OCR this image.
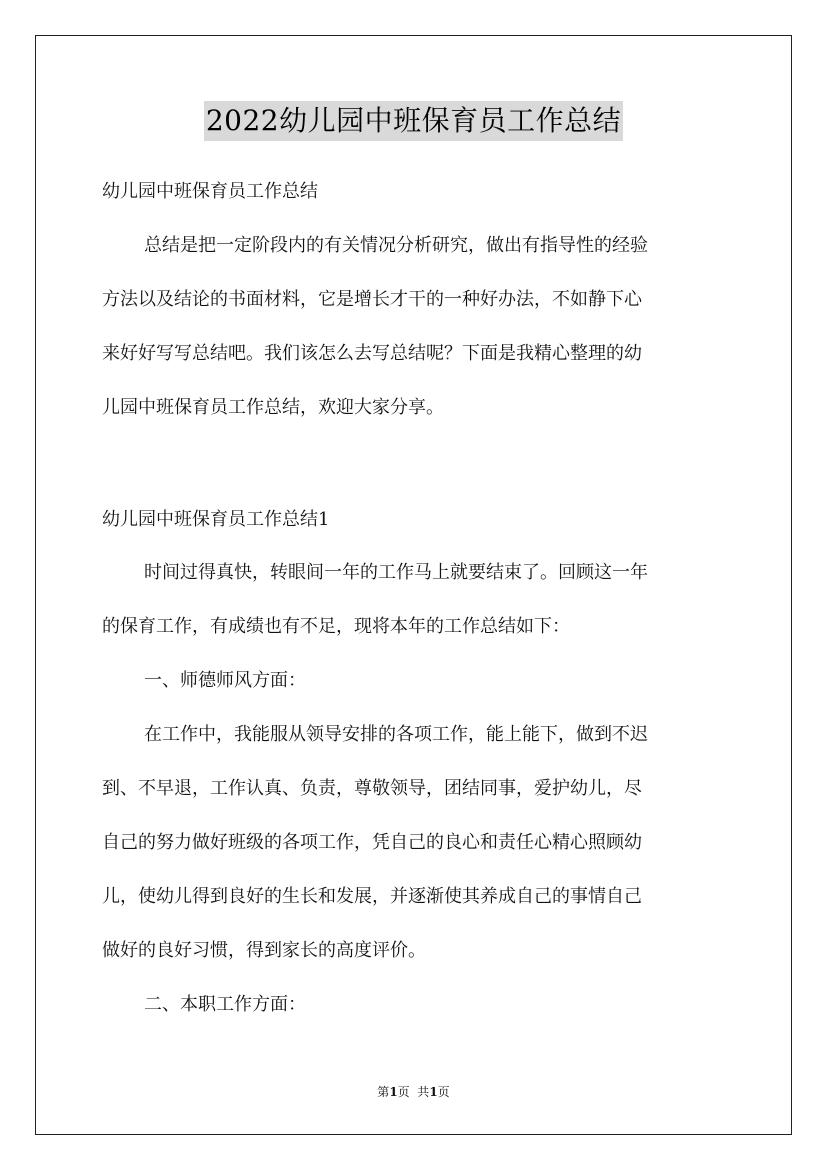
2022幼儿园中班保育员工作总结
幼儿园中班保育员工作总结
总结是把一定阶段内的有关情况分析研究，做出有指导性的经验
方法以及结论的书面材料，它是增长才干的一种好办法，不如静下心
来好好写写总结吧。我们该怎么去写总结呢？下面是我精心整理的幼
儿园中班保育员工作总结，欢迎大家分享。
幼儿园中班保育员工作总结1
时间过得真快，转眼间一年的工作马上就要结束了。回顾这一年
的保育工作，有成绩也有不足，现将本年的工作总结如下：
一、师德师风方面：
在工作中，我能服从领导安排的各项工作，能上能下，做到不迟
到、不早退，工作认真、负责，尊敬领导，团结同事，爱护幼儿，尽
自己的努力做好班级的各项工作，凭自己的良心和责任心精心照顾幼
儿，使幼儿得到良好的生长和发展，并逐渐使其养成自己的事情自己
做好的良好习惯，得到家长的高度评价。
二、本职工作方面：
第1页  共1页
